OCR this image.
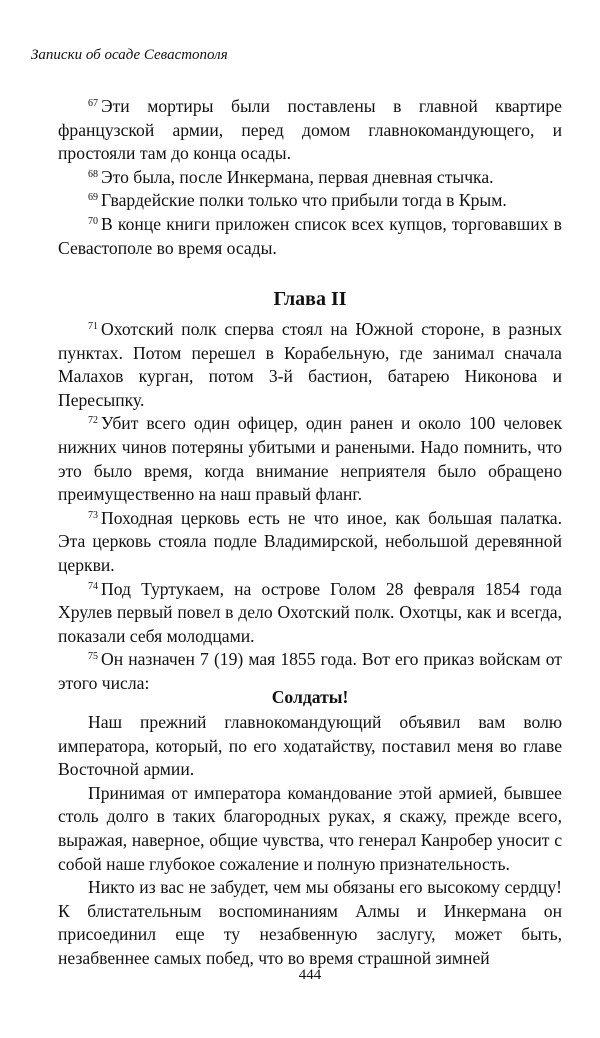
Записки об осаде Севастополя

$^{67}$ Эти мортиры были поставлены в главной квартире французской армии, перед домом главнокомандующего, и простояли там до конца осады.

$^{68}$ Это была, после Инкермана, первая дневная стычка.

$^{69}$ Гвардейские полки только что прибыли тогда в Крым.

$^{70}$ В конце книги приложен список всех купцов, торговавших в Севастополе во время осады.

Глава II

$^{71}$ Охотский полк сперва стоял на Южной стороне, в разных пунктах. Потом перешел в Корабельную, где занимал сначала Малахов курган, потом 3-й бастион, батарею Никонова и Пересыпку.

$^{72}$ Убит всего один офицер, один ранен и около 100 человек нижних чинов потеряны убитыми и ранеными. Надо помнить, что это было время, когда внимание неприятеля было обращено преимущественно на наш правый фланг.

$^{73}$ Походная церковь есть не что иное, как большая палатка. Эта церковь стояла подле Владимирской, небольшой деревянной церкви.

$^{74}$ Под Туртукаем, на острове Голом 28 февраля 1854 года Хрулев первый повел в дело Охотский полк. Охотцы, как и всегда, показали себя молодцами.

$^{75}$ Он назначен 7 (19) мая 1855 года. Вот его приказ войскам от этого числа:

Солдаты!

Наш прежний главнокомандующий объявил вам волю императора, который, по его ходатайству, поставил меня во главе Восточной армии.

Принимая от императора командование этой армией, бывшее столь долго в таких благородных руках, я скажу, прежде всего, выражая, наверное, общие чувства, что генерал Канробер уносит с собой наше глубокое сожаление и полную признательность.

Никто из вас не забудет, чем мы обязаны его высокому сердцу! К блистательным воспоминаниям Алмы и Инкермана он присоединил еще ту незабвенную заслугу, может быть, незабвеннее самых побед, что во время страшной зимней

444
